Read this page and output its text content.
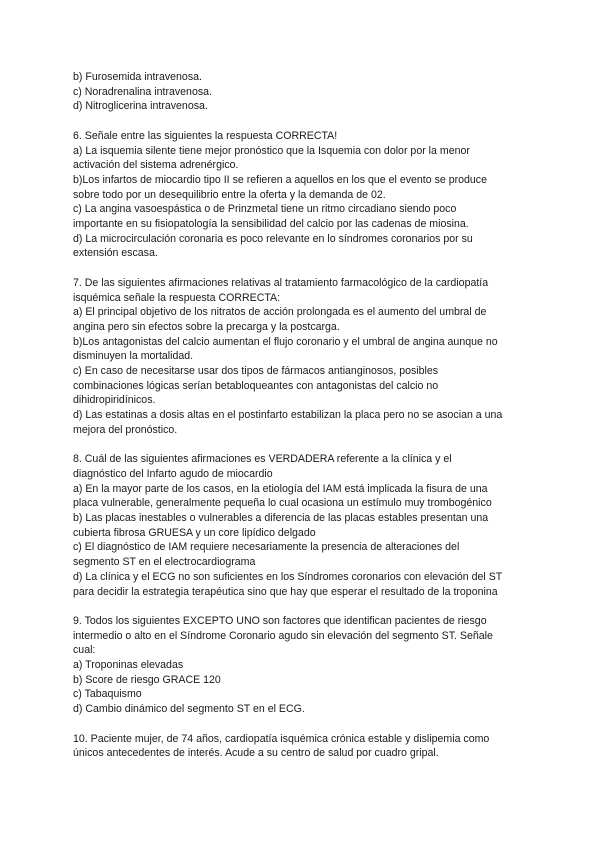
b) Furosemida intravenosa.
c) Noradrenalina intravenosa.
d) Nitroglicerina intravenosa.
6. Señale entre las siguientes la respuesta CORRECTA!
a) La isquemia silente tiene mejor pronóstico que la Isquemia con dolor por la menor
activación del sistema adrenérgico.
b)Los infartos de miocardio tipo II se refieren a aquellos en los que el evento se produce
sobre todo por un desequilibrio entre la oferta y la demanda de 02.
c) La angina vasoespástica o de Prinzmetal tiene un ritmo circadiano siendo poco
importante en su fisiopatología la sensibilidad del calcio por las cadenas de miosina.
d) La microcirculación coronaria es poco relevante en lo síndromes coronarios por su
extensión escasa.
7. De las siguientes afirmaciones relativas al tratamiento farmacológico de la cardiopatía
isquémica señale la respuesta CORRECTA:
a) El principal objetivo de los nitratos de acción prolongada es el aumento del umbral de
angina pero sin efectos sobre la precarga y la postcarga.
b)Los antagonistas del calcio aumentan el flujo coronario y el umbral de angina aunque no
disminuyen la mortalidad.
c) En caso de necesitarse usar dos tipos de fármacos antianginosos, posibles
combinaciones lógicas serían betabloqueantes con antagonistas del calcio no
dihidropiridínicos.
d) Las estatinas a dosis altas en el postinfarto estabilizan la placa pero no se asocian a una
mejora del pronóstico.
8. Cuál de las siguientes afirmaciones es VERDADERA referente a la clínica y el
diagnóstico del Infarto agudo de miocardio
a) En la mayor parte de los casos, en la etiología del IAM está implicada la fisura de una
placa vulnerable, generalmente pequeña lo cual ocasiona un estímulo muy trombogénico
b) Las placas inestables o vulnerables a diferencia de las placas estables presentan una
cubierta fibrosa GRUESA y un core lipídico delgado
c) El diagnóstico de IAM requiere necesariamente la presencia de alteraciones del
segmento ST en el electrocardiograma
d) La clínica y el ECG no son suficientes en los Síndromes coronarios con elevación del ST
para decidir la estrategia terapéutica sino que hay que esperar el resultado de la troponina
9. Todos los siguientes EXCEPTO UNO son factores que identifican pacientes de riesgo
intermedio o alto en el Síndrome Coronario agudo sin elevación del segmento ST. Señale
cual:
a) Troponinas elevadas
b) Score de riesgo GRACE 120
c) Tabaquismo
d) Cambio dinámico del segmento ST en el ECG.
10. Paciente mujer, de 74 años, cardiopatía isquémica crónica estable y dislipemia como
únicos antecedentes de interés. Acude a su centro de salud por cuadro gripal.
